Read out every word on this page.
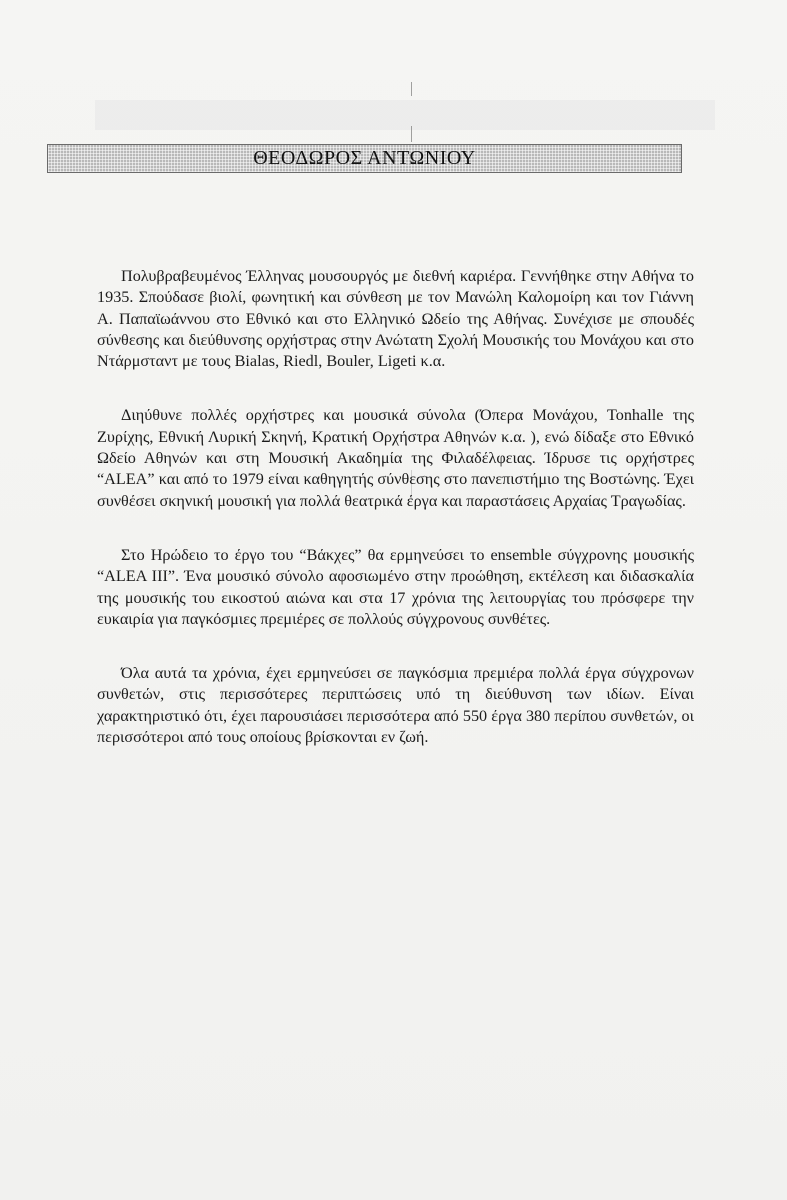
ΘΕΟΔΩΡΟΣ ΑΝΤΩΝΙΟΥ

Πολυβραβευμένος Έλληνας μουσουργός με διεθνή καριέρα. Γεννήθηκε στην Αθήνα το 1935. Σπούδασε βιολί, φωνητική και σύνθεση με τον Μανώλη Καλομοίρη και τον Γιάννη Α. Παπαϊωάννου στο Εθνικό και στο Ελληνικό Ωδείο της Αθήνας. Συνέχισε με σπουδές σύνθεσης και διεύθυνσης ορχήστρας στην Ανώτατη Σχολή Μουσικής του Μονάχου και στο Ντάρμσταντ με τους Bialas, Riedl, Bouler, Ligeti κ.α.

Διηύθυνε πολλές ορχήστρες και μουσικά σύνολα (Όπερα Μονάχου, Tonhalle της Ζυρίχης, Εθνική Λυρική Σκηνή, Κρατική Ορχήστρα Αθηνών κ.α. ), ενώ δίδαξε στο Εθνικό Ωδείο Αθηνών και στη Μουσική Ακαδημία της Φιλαδέλφειας. Ίδρυσε τις ορχήστρες “ALEA” και από το 1979 είναι καθηγητής σύνθεσης στο πανεπιστήμιο της Βοστώνης. Έχει συνθέσει σκηνική μουσική για πολλά θεατρικά έργα και παραστάσεις Αρχαίας Τραγωδίας.

Στο Ηρώδειο το έργο του “Βάκχες” θα ερμηνεύσει το ensemble σύγχρονης μουσικής “ALEA III”. Ένα μουσικό σύνολο αφοσιωμένο στην προώθηση, εκτέλεση και διδασκαλία της μουσικής του εικοστού αιώνα και στα 17 χρόνια της λειτουργίας του πρόσφερε την ευκαιρία για παγκόσμιες πρεμιέρες σε πολλούς σύγχρονους συνθέτες.

Όλα αυτά τα χρόνια, έχει ερμηνεύσει σε παγκόσμια πρεμιέρα πολλά έργα σύγχρονων συνθετών, στις περισσότερες περιπτώσεις υπό τη διεύθυνση των ιδίων. Είναι χαρακτηριστικό ότι, έχει παρουσιάσει περισσότερα από 550 έργα 380 περίπου συνθετών, οι περισσότεροι από τους οποίους βρίσκονται εν ζωή.
